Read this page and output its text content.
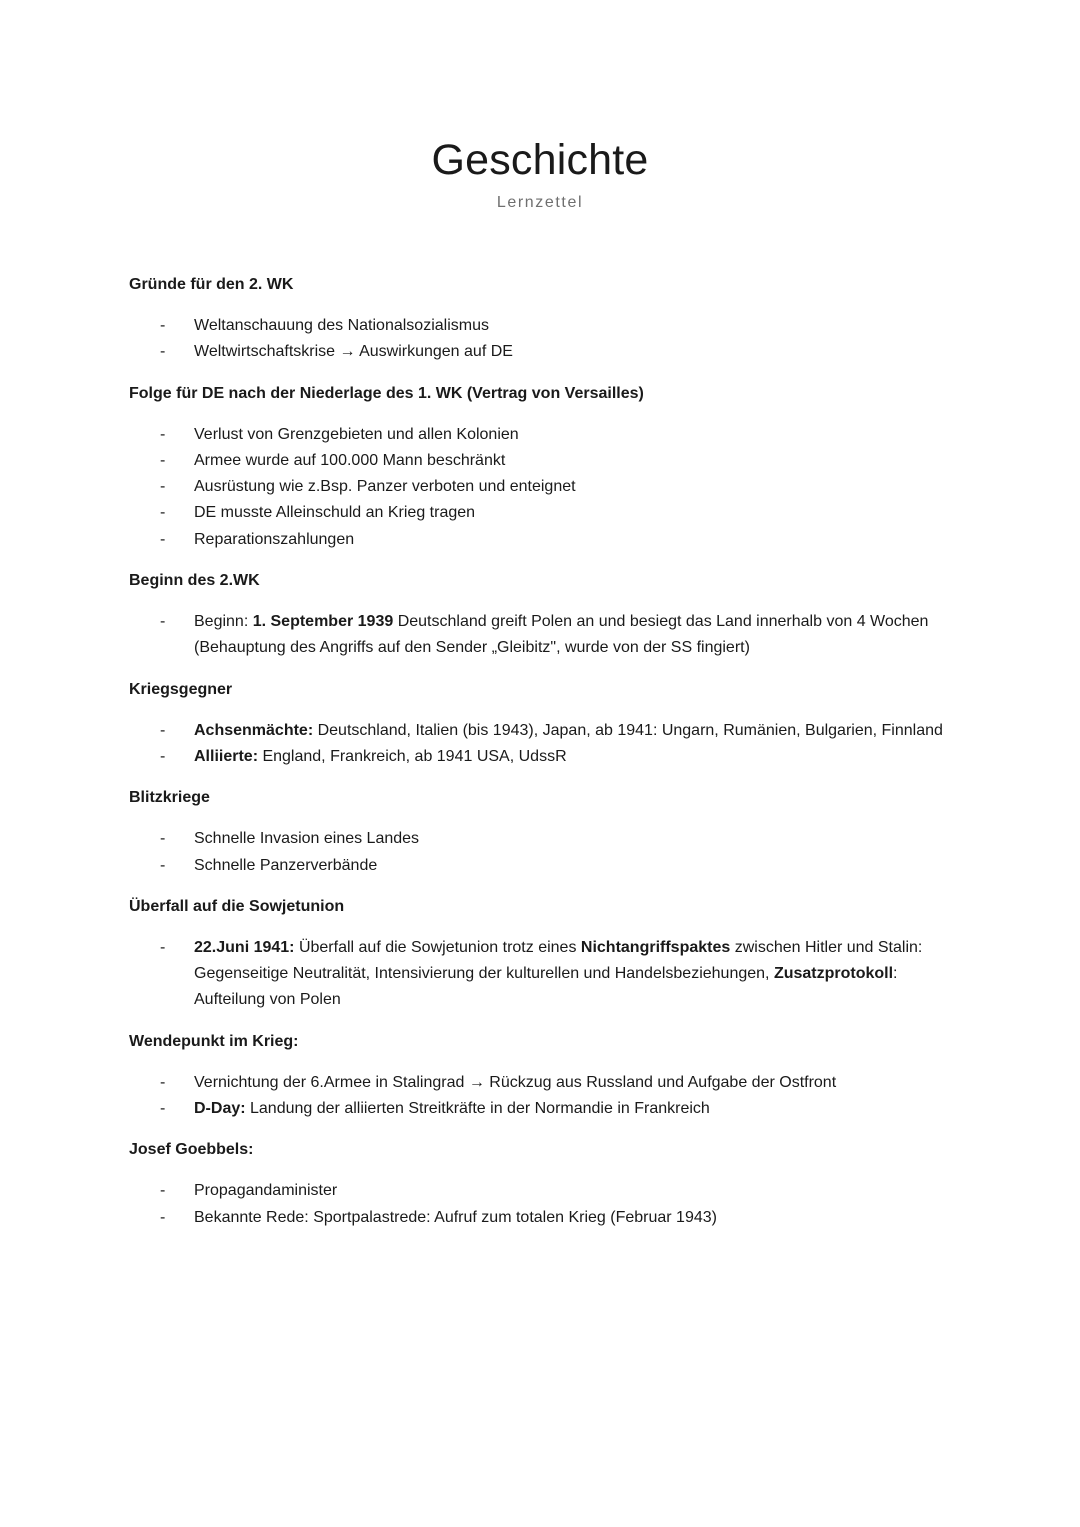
Geschichte
Lernzettel
Gründe für den 2. WK
- Weltanschauung des Nationalsozialismus
- Weltwirtschaftskrise → Auswirkungen auf DE
Folge für DE nach der Niederlage des 1. WK (Vertrag von Versailles)
- Verlust von Grenzgebieten und allen Kolonien
- Armee wurde auf 100.000 Mann beschränkt
- Ausrüstung wie z.Bsp. Panzer verboten und enteignet
- DE musste Alleinschuld an Krieg tragen
- Reparationszahlungen
Beginn des 2.WK
- Beginn: 1. September 1939 Deutschland greift Polen an und besiegt das Land innerhalb von 4 Wochen (Behauptung des Angriffs auf den Sender „Gleibitz", wurde von der SS fingiert)
Kriegsgegner
- Achsenmächte: Deutschland, Italien (bis 1943), Japan, ab 1941: Ungarn, Rumänien, Bulgarien, Finnland
- Alliierte: England, Frankreich, ab 1941 USA, UdssR
Blitzkriege
- Schnelle Invasion eines Landes
- Schnelle Panzerverbände
Überfall auf die Sowjetunion
- 22.Juni 1941: Überfall auf die Sowjetunion trotz eines Nichtangriffspaktes zwischen Hitler und Stalin: Gegenseitige Neutralität, Intensivierung der kulturellen und Handelsbeziehungen, Zusatzprotokoll: Aufteilung von Polen
Wendepunkt im Krieg:
- Vernichtung der 6.Armee in Stalingrad → Rückzug aus Russland und Aufgabe der Ostfront
- D-Day: Landung der alliierten Streitkräfte in der Normandie in Frankreich
Josef Goebbels:
- Propagandaminister
- Bekannte Rede: Sportpalastrede: Aufruf zum totalen Krieg (Februar 1943)
